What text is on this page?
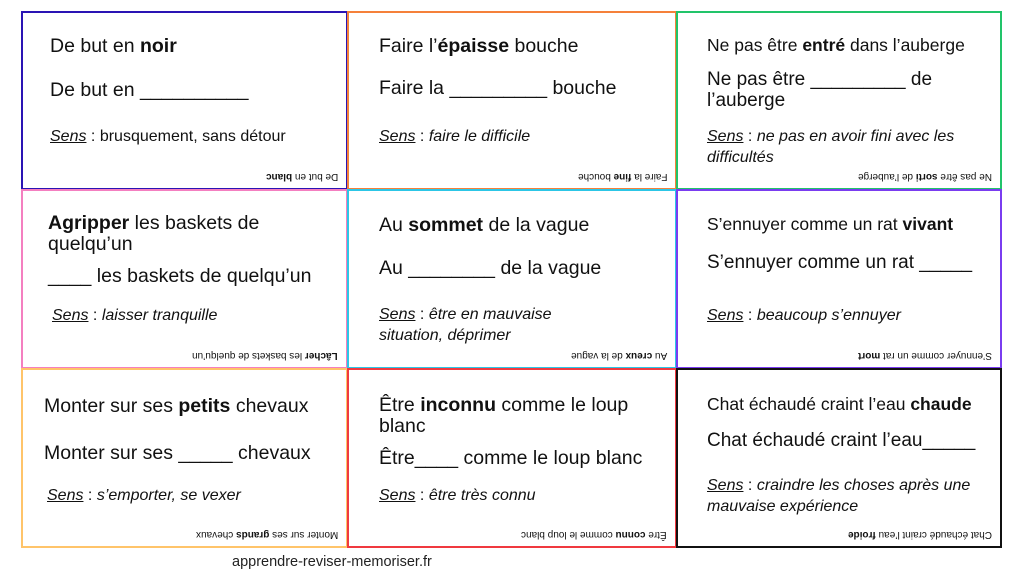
De but en noir
De but en __________
Sens : brusquement, sans détour
De but en blanc
Faire l’épaisse bouche
Faire la _________ bouche
Sens : faire le difficile
Faire la fine bouche
Ne pas être entré dans l’auberge
Ne pas être _________ de l’auberge
Sens : ne pas en avoir fini avec les difficultés
Ne pas être sorti de l’auberge
Agripper les baskets de quelqu’un
____ les baskets de quelqu’un
Sens : laisser tranquille
Lâcher les baskets de quelqu’un
Au sommet de la vague
Au ________ de la vague
Sens : être en mauvaise situation, déprimer
Au creux de la vague
S’ennuyer comme un rat vivant
S’ennuyer comme un rat _____
Sens : beaucoup s’ennuyer
S’ennuyer comme un rat mort
Monter sur ses petits chevaux
Monter sur ses _____ chevaux
Sens : s’emporter, se vexer
Monter sur ses grands chevaux
Être inconnu comme le loup blanc
Être____ comme le loup blanc
Sens : être très connu
Être connu comme le loup blanc
Chat échaudé craint l’eau chaude
Chat échaudé craint l’eau_____
Sens : craindre les choses après une mauvaise expérience
Chat échaudé craint l’eau froide
apprendre-reviser-memoriser.fr
